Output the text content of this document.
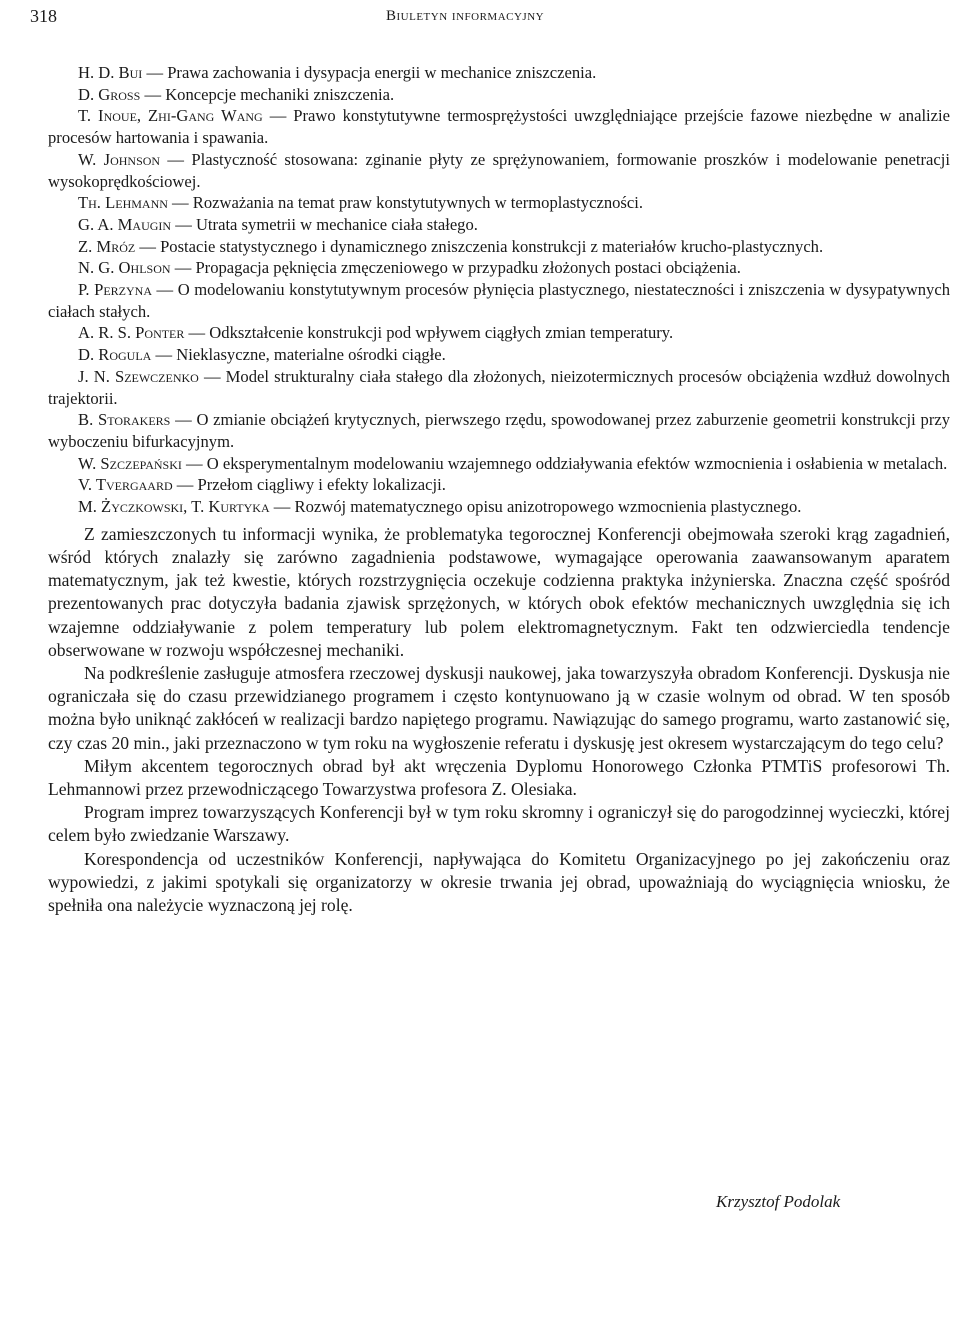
318	Biuletyn informacyjny

H. D. Bui — Prawa zachowania i dysypacja energii w mechanice zniszczenia.

D. Gross — Koncepcje mechaniki zniszczenia.

T. Inoue, Zhi-Gang Wang — Prawo konstytutywne termosprężystości uwzględniające przejście fazowe niezbędne w analizie procesów hartowania i spawania.

W. Johnson — Plastyczność stosowana: zginanie płyty ze sprężynowaniem, formowanie proszków i modelowanie penetracji wysokoprędkościowej.

Th. Lehmann — Rozważania na temat praw konstytutywnych w termoplastyczności.

G. A. Maugin — Utrata symetrii w mechanice ciała stałego.

Z. Mróz — Postacie statystycznego i dynamicznego zniszczenia konstrukcji z materiałów krucho-plastycznych.

N. G. Ohlson — Propagacja pęknięcia zmęczeniowego w przypadku złożonych postaci obciążenia.

P. Perzyna — O modelowaniu konstytutywnym procesów płynięcia plastycznego, niestateczności i zniszczenia w dysypatywnych ciałach stałych.

A. R. S. Ponter — Odkształcenie konstrukcji pod wpływem ciągłych zmian temperatury.

D. Rogula — Nieklasyczne, materialne ośrodki ciągłe.

J. N. Szewczenko — Model strukturalny ciała stałego dla złożonych, nieizotermicznych procesów obciążenia wzdłuż dowolnych trajektorii.

B. Storakers — O zmianie obciążeń krytycznych, pierwszego rzędu, spowodowanej przez zaburzenie geometrii konstrukcji przy wyboczeniu bifurkacyjnym.

W. Szczepański — O eksperymentalnym modelowaniu wzajemnego oddziaływania efektów wzmocnienia i osłabienia w metalach.

V. Tvergaard — Przełom ciągliwy i efekty lokalizacji.

M. Życzkowski, T. Kurtyka — Rozwój matematycznego opisu anizotropowego wzmocnienia plastycznego.

Z zamieszczonych tu informacji wynika, że problematyka tegorocznej Konferencji obejmowała szeroki krąg zagadnień, wśród których znalazły się zarówno zagadnienia podstawowe, wymagające operowania zaawansowanym aparatem matematycznym, jak też kwestie, których rozstrzygnięcia oczekuje codzienna praktyka inżynierska. Znaczna część spośród prezentowanych prac dotyczyła badania zjawisk sprzężonych, w których obok efektów mechanicznych uwzględnia się ich wzajemne oddziaływanie z polem temperatury lub polem elektromagnetycznym. Fakt ten odzwierciedla tendencje obserwowane w rozwoju współczesnej mechaniki.

Na podkreślenie zasługuje atmosfera rzeczowej dyskusji naukowej, jaka towarzyszyła obradom Konferencji. Dyskusja nie ograniczała się do czasu przewidzianego programem i często kontynuowano ją w czasie wolnym od obrad. W ten sposób można było uniknąć zakłóceń w realizacji bardzo napiętego programu. Nawiązując do samego programu, warto zastanowić się, czy czas 20 min., jaki przeznaczono w tym roku na wygłoszenie referatu i dyskusję jest okresem wystarczającym do tego celu?

Miłym akcentem tegorocznych obrad był akt wręczenia Dyplomu Honorowego Członka PTMTiS profesorowi Th. Lehmannowi przez przewodniczącego Towarzystwa profesora Z. Olesiaka.

Program imprez towarzyszących Konferencji był w tym roku skromny i ograniczył się do parogodzinnej wycieczki, której celem było zwiedzanie Warszawy.

Korespondencja od uczestników Konferencji, napływająca do Komitetu Organizacyjnego po jej zakończeniu oraz wypowiedzi, z jakimi spotykali się organizatorzy w okresie trwania jej obrad, upoważniają do wyciągnięcia wniosku, że spełniła ona należycie wyznaczoną jej rolę.

Krzysztof Podolak
